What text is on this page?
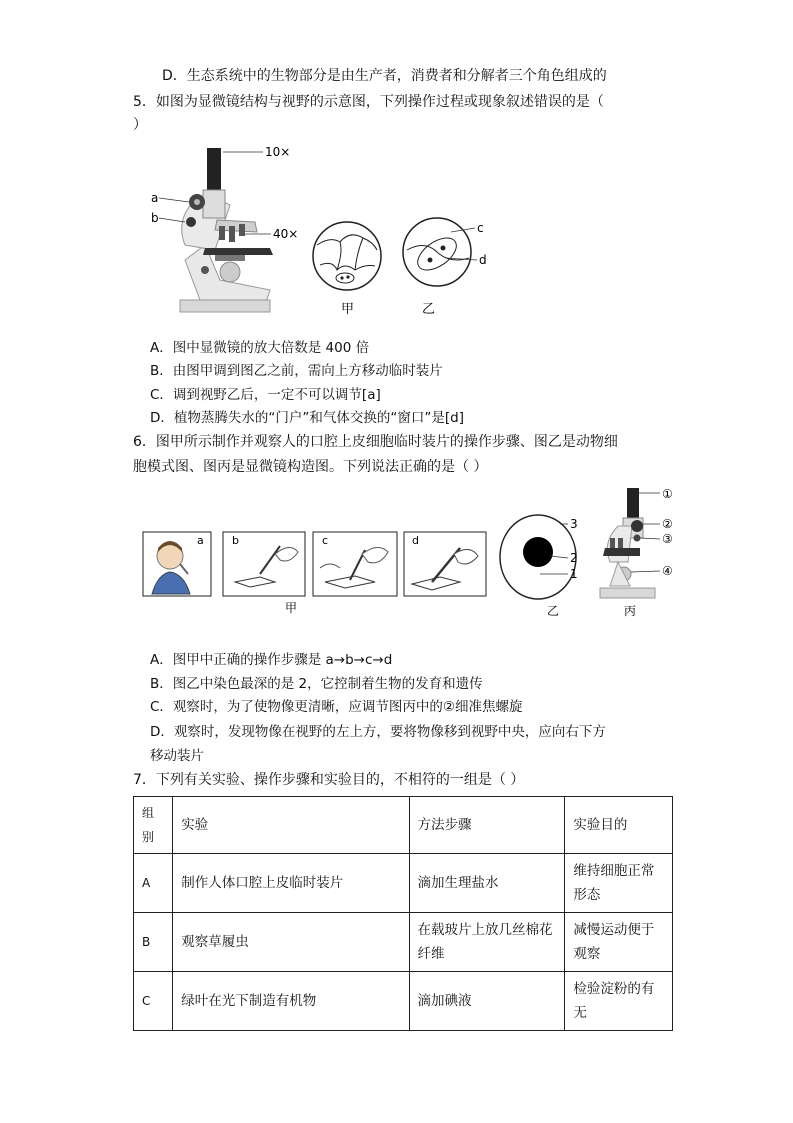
D．生态系统中的生物部分是由生产者，消费者和分解者三个角色组成的
5．如图为显微镜结构与视野的示意图，下列操作过程或现象叙述错误的是（
）
10×
a
b
40×
甲
c
d
乙
A．图中显微镜的放大倍数是 400 倍
B．由图甲调到图乙之前，需向上方移动临时装片
C．调到视野乙后，一定不可以调节[a]
D．植物蒸腾失水的“门户”和气体交换的“窗口”是[d]
6．图甲所示制作并观察人的口腔上皮细胞临时装片的操作步骤、图乙是动物细
胞模式图、图丙是显微镜构造图。下列说法正确的是（ ）
a	b	c	d
甲
3
2
1
乙
①
②
③
④
丙
A．图甲中正确的操作步骤是 a→b→c→d
B．图乙中染色最深的是 2，它控制着生物的发育和遗传
C．观察时，为了使物像更清晰，应调节图丙中的②细准焦螺旋
D．观察时，发现物像在视野的左上方，要将物像移到视野中央，应向右下方
移动装片
7．下列有关实验、操作步骤和实验目的，不相符的一组是（ ）
组别	实验	方法步骤	实验目的
A	制作人体口腔上皮临时装片	滴加生理盐水	维持细胞正常形态
B	观察草履虫	在载玻片上放几丝棉花纤维	减慢运动便于观察
C	绿叶在光下制造有机物	滴加碘液	检验淀粉的有无
